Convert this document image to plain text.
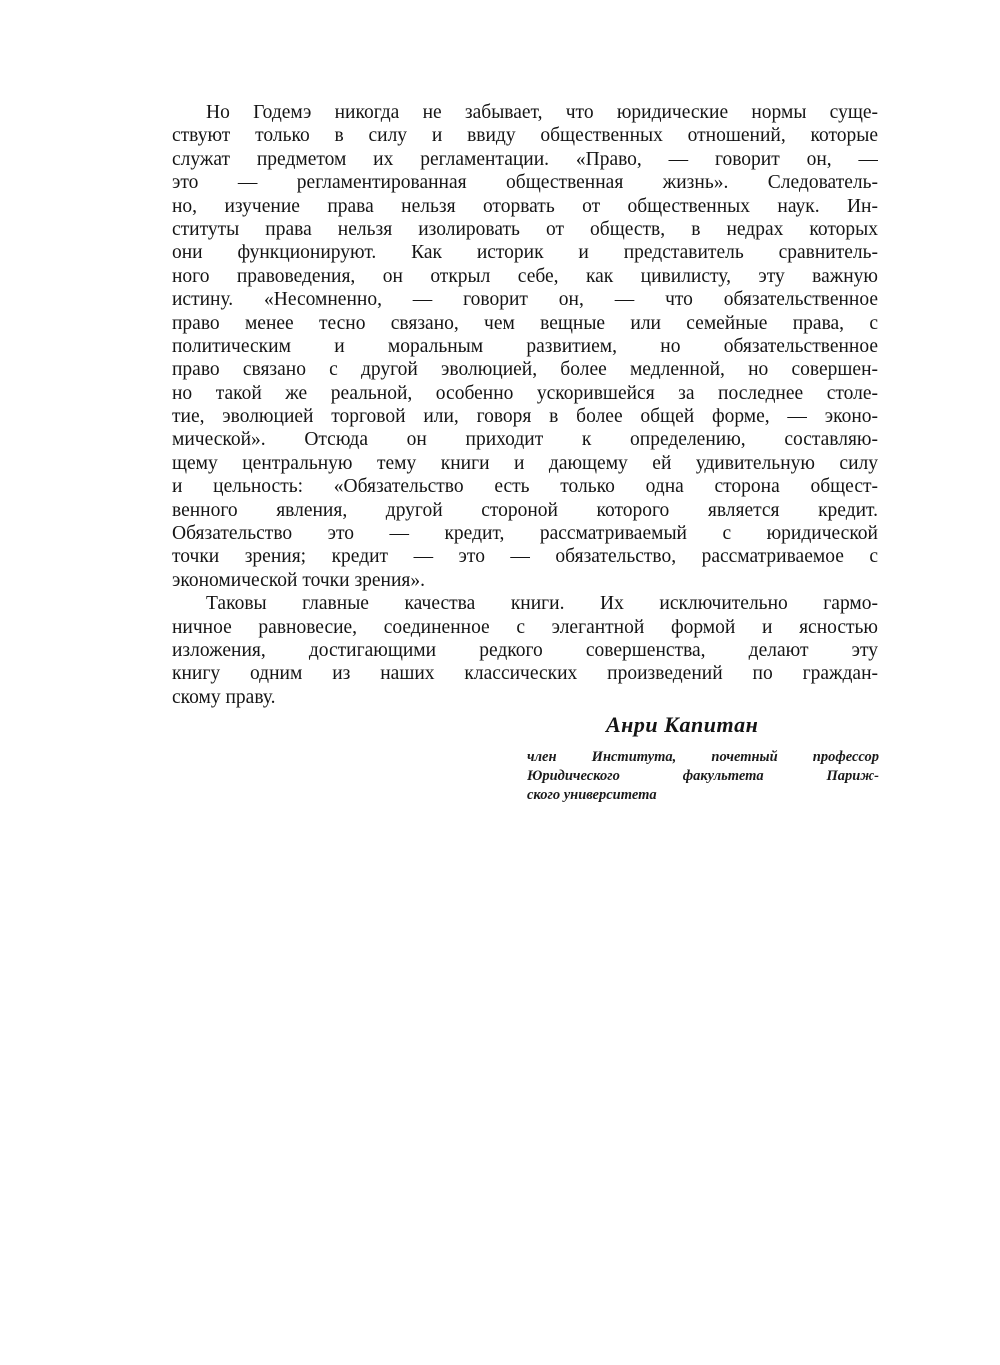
Но Годемэ никогда не забывает, что юридические нормы суще-
ствуют только в силу и ввиду общественных отношений, которые
служат предметом их регламентации. «Право, — говорит он, —
это — регламентированная общественная жизнь». Следователь-
но, изучение права нельзя оторвать от общественных наук. Ин-
ституты права нельзя изолировать от обществ, в недрах которых
они функционируют. Как историк и представитель сравнитель-
ного правоведения, он открыл себе, как цивилисту, эту важную
истину. «Несомненно, — говорит он, — что обязательственное
право менее тесно связано, чем вещные или семейные права, с
политическим и моральным развитием, но обязательственное
право связано с другой эволюцией, более медленной, но совершен-
но такой же реальной, особенно ускорившейся за последнее столе-
тие, эволюцией торговой или, говоря в более общей форме, — эконо-
мической». Отсюда он приходит к определению, составляю-
щему центральную тему книги и дающему ей удивительную силу
и цельность: «Обязательство есть только одна сторона общест-
венного явления, другой стороной которого является кредит.
Обязательство это — кредит, рассматриваемый с юридической
точки зрения; кредит — это — обязательство, рассматриваемое с
экономической точки зрения».
Таковы главные качества книги. Их исключительно гармо-
ничное равновесие, соединенное с элегантной формой и ясностью
изложения, достигающими редкого совершенства, делают эту
книгу одним из наших классических произведений по граждан-
скому праву.
Анри Капитан
член Института, почетный профессор
Юридического факультета Париж-
ского университета
